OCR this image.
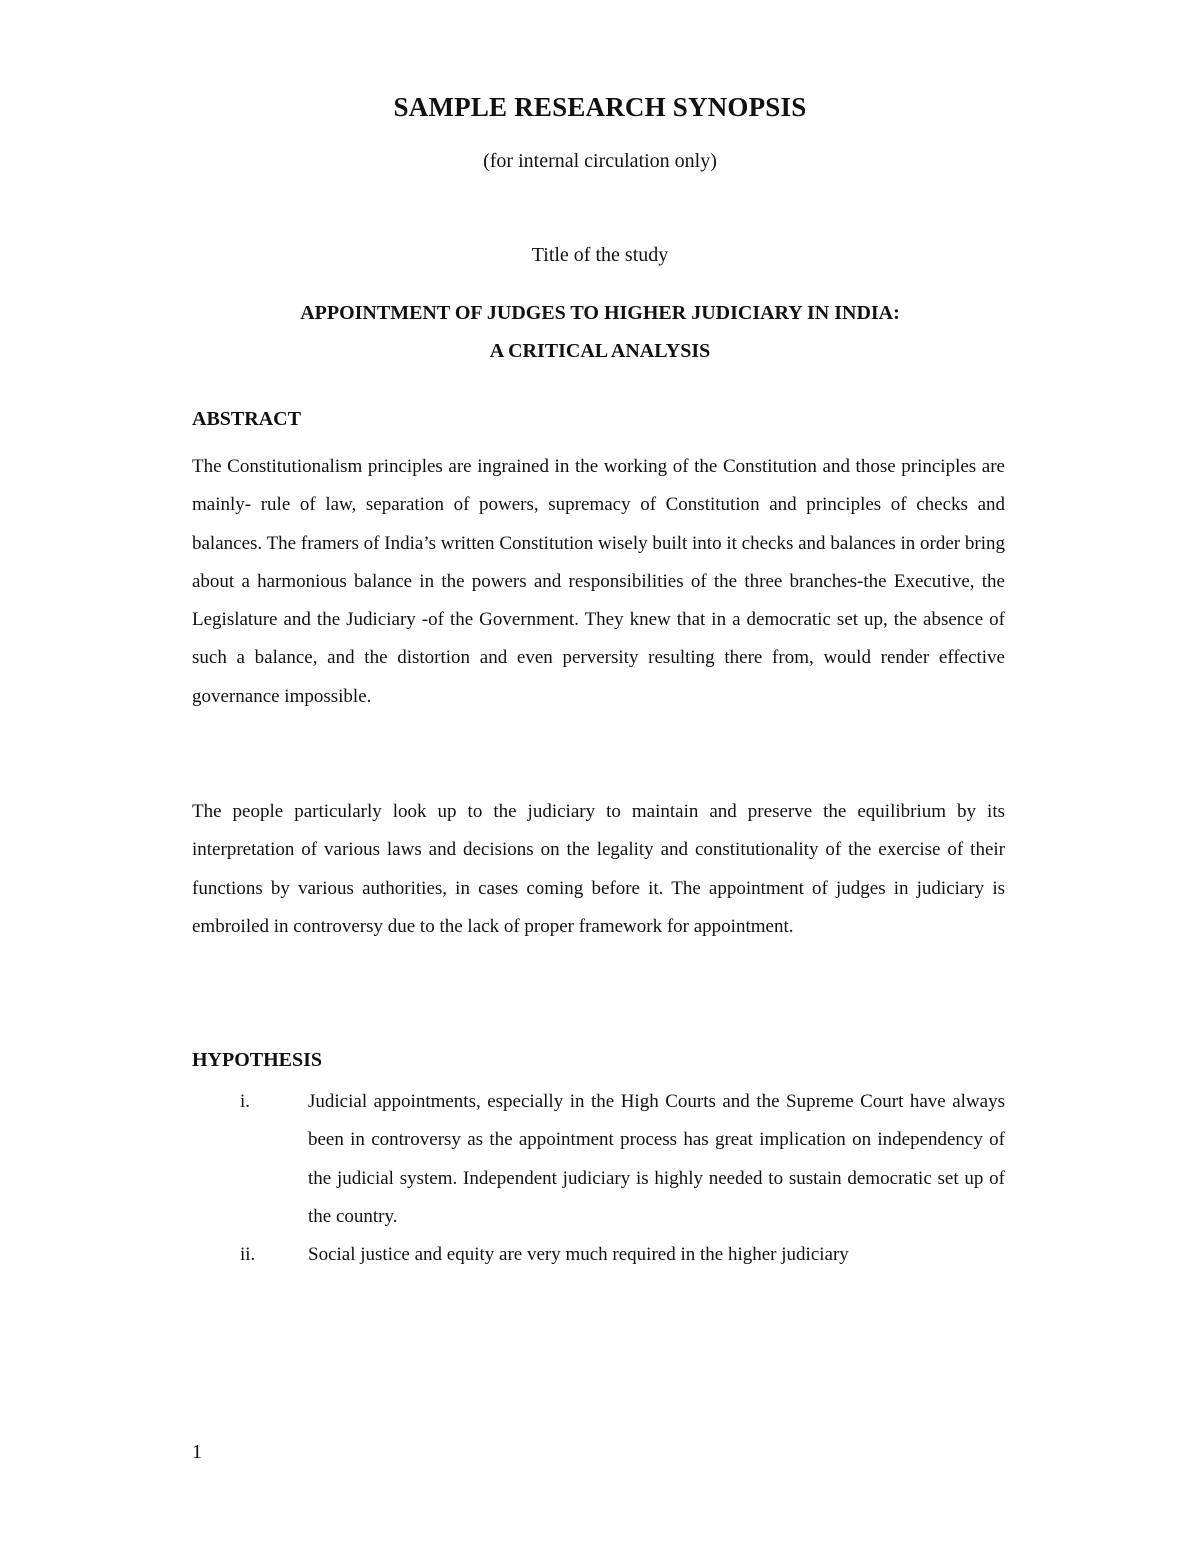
SAMPLE RESEARCH SYNOPSIS
(for internal circulation only)
Title of the study
APPOINTMENT OF JUDGES TO HIGHER JUDICIARY IN INDIA:
A CRITICAL ANALYSIS
ABSTRACT

The Constitutionalism principles are ingrained in the working of the Constitution and those principles are mainly- rule of law, separation of powers, supremacy of Constitution and principles of checks and balances. The framers of India’s written Constitution wisely built into it checks and balances in order bring about a harmonious balance in the powers and responsibilities of the three branches-the Executive, the Legislature and the Judiciary -of the Government. They knew that in a democratic set up, the absence of such a balance, and the distortion and even perversity resulting there from, would render effective governance impossible.

The people particularly look up to the judiciary to maintain and preserve the equilibrium by its interpretation of various laws and decisions on the legality and constitutionality of the exercise of their functions by various authorities, in cases coming before it. The appointment of judges in judiciary is embroiled in controversy due to the lack of proper framework for appointment.

HYPOTHESIS
i.	Judicial appointments, especially in the High Courts and the Supreme Court have always been in controversy as the appointment process has great implication on independency of the judicial system. Independent judiciary is highly needed to sustain democratic set up of the country.
ii.	Social justice and equity are very much required in the higher judiciary
1
